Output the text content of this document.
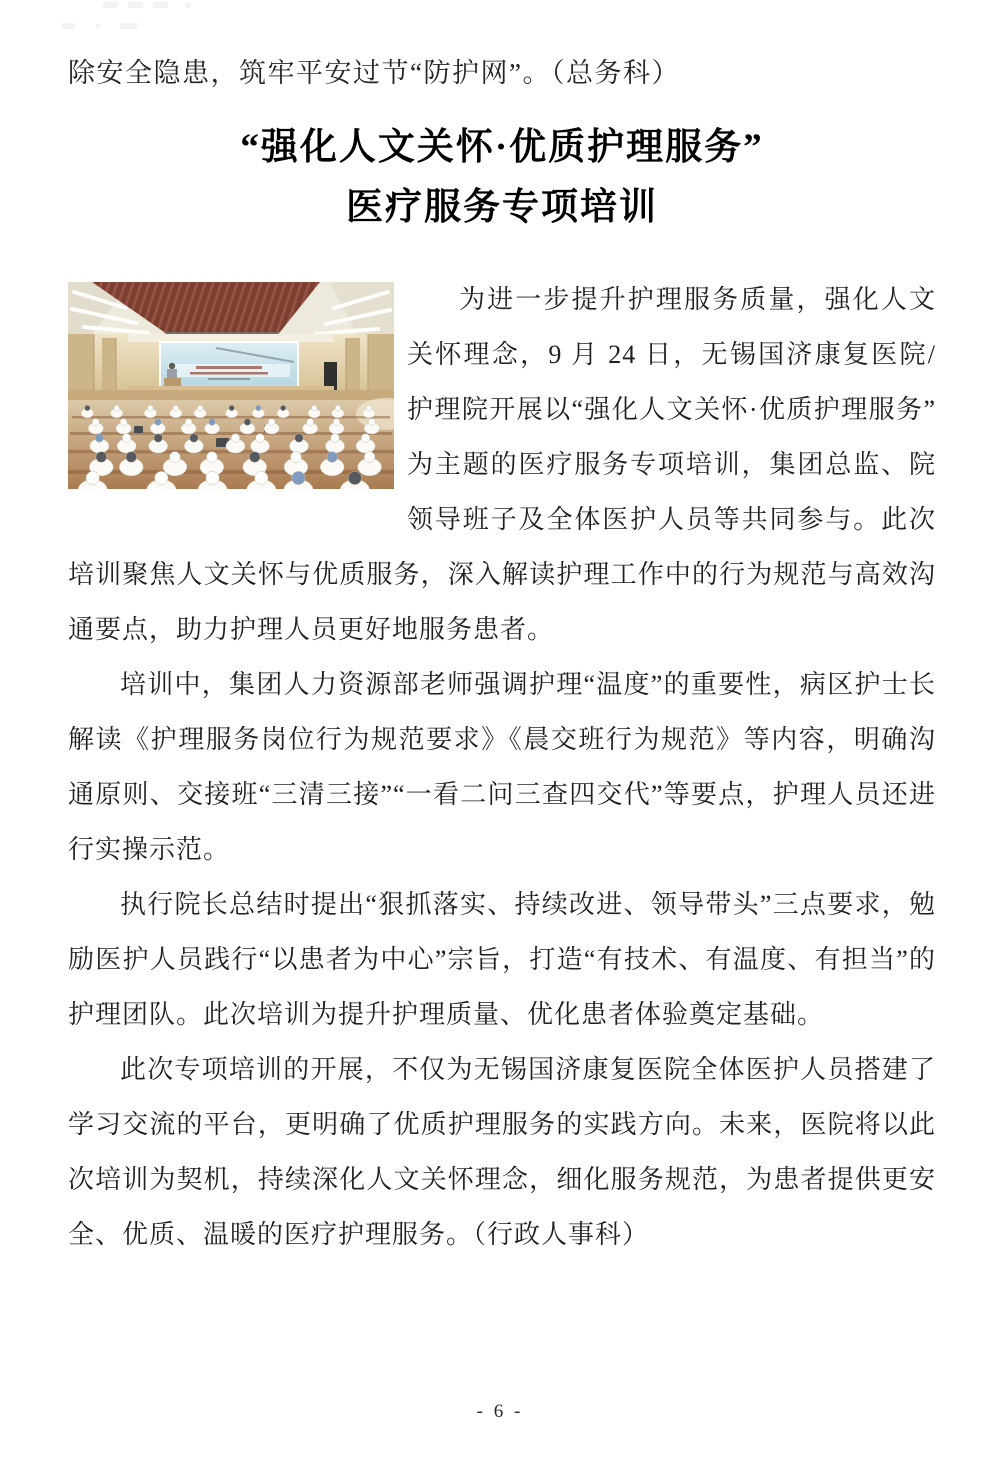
除安全隐患，筑牢平安过节“防护网”。（总务科）

“强化人文关怀·优质护理服务”
医疗服务专项培训

为进一步提升护理服务质量，强化人文关怀理念，9 月 24 日，无锡国济康复医院/护理院开展以“强化人文关怀·优质护理服务”为主题的医疗服务专项培训，集团总监、院领导班子及全体医护人员等共同参与。此次培训聚焦人文关怀与优质服务，深入解读护理工作中的行为规范与高效沟通要点，助力护理人员更好地服务患者。

培训中，集团人力资源部老师强调护理“温度”的重要性，病区护士长解读《护理服务岗位行为规范要求》《晨交班行为规范》等内容，明确沟通原则、交接班“三清三接”“一看二问三查四交代”等要点，护理人员还进行实操示范。

执行院长总结时提出“狠抓落实、持续改进、领导带头”三点要求，勉励医护人员践行“以患者为中心”宗旨，打造“有技术、有温度、有担当”的护理团队。此次培训为提升护理质量、优化患者体验奠定基础。

此次专项培训的开展，不仅为无锡国济康复医院全体医护人员搭建了学习交流的平台，更明确了优质护理服务的实践方向。未来，医院将以此次培训为契机，持续深化人文关怀理念，细化服务规范，为患者提供更安全、优质、温暖的医疗护理服务。（行政人事科）

- 6 -
